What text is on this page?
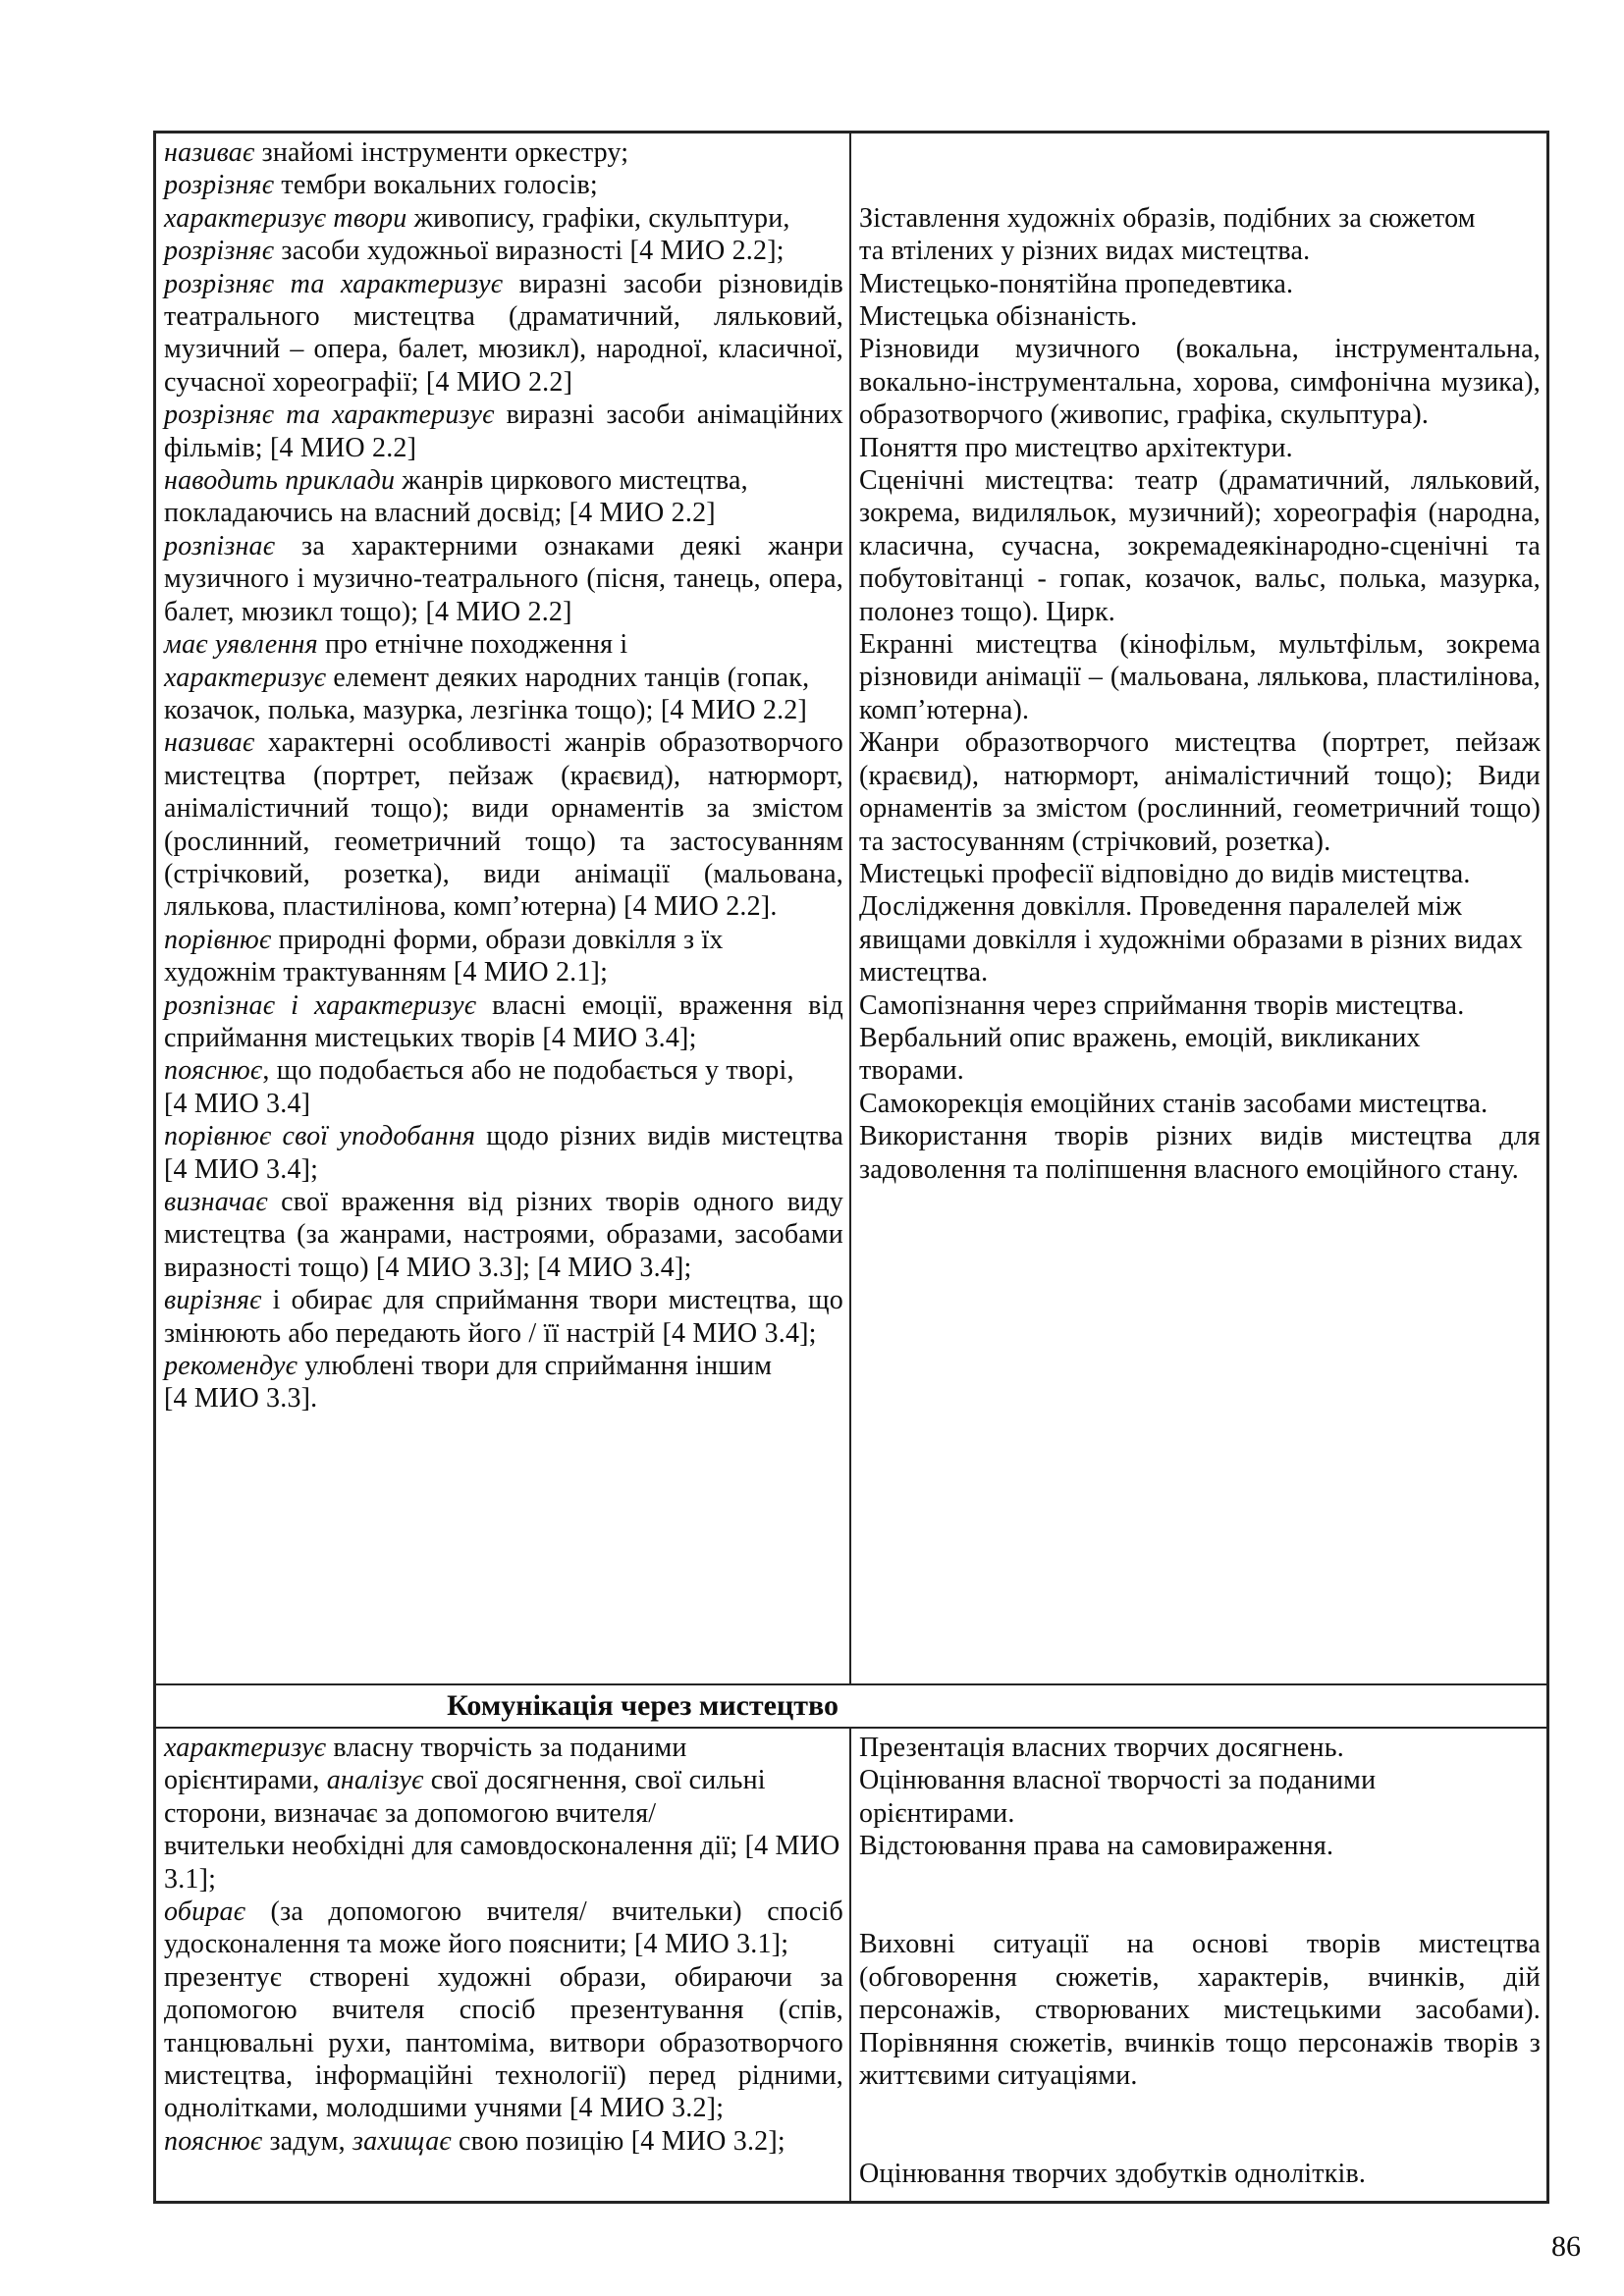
називає знайомі інструменти оркестру;

розрізняє тембри вокальних голосів;

характеризує твори живопису, графіки, скульптури, розрізняє засоби художньої виразності [4 МИО 2.2];

розрізняє та характеризує виразні засоби різновидів театрального мистецтва (драматичний, ляльковий, музичний – опера, балет, мюзикл), народної, класичної, сучасної хореографії; [4 МИО 2.2]

розрізняє та характеризує виразні засоби анімаційних фільмів; [4 МИО 2.2]

наводить приклади жанрів циркового мистецтва, покладаючись на власний досвід; [4 МИО 2.2]

розпізнає за характерними ознаками деякі жанри музичного і музично-театрального (пісня, танець, опера, балет, мюзикл тощо); [4 МИО 2.2]

має уявлення про етнічне походження і
характеризує елемент деяких народних танців (гопак, козачок, полька, мазурка, лезгінка тощо); [4 МИО 2.2]

називає характерні особливості жанрів образотворчого мистецтва (портрет, пейзаж (краєвид), натюрморт, анімалістичний тощо); види орнаментів за змістом (рослинний, геометричний тощо) та застосуванням (стрічковий, розетка), види анімації (мальована, лялькова, пластилінова, комп’ютерна) [4 МИО 2.2].

порівнює природні форми, образи довкілля з їх
художнім трактуванням [4 МИО 2.1];

розпізнає і характеризує власні емоції, враження від сприймання мистецьких творів [4 МИО 3.4];

пояснює, що подобається або не подобається у творі,
[4 МИО 3.4]

порівнює свої уподобання щодо різних видів мистецтва [4 МИО 3.4];

визначає свої враження від різних творів одного виду мистецтва (за жанрами, настроями, образами, засобами виразності тощо) [4 МИО 3.3]; [4 МИО 3.4];

вирізняє і обирає для сприймання твори мистецтва, що змінюють або передають його / її настрій [4 МИО 3.4];

рекомендує улюблені твори для сприймання іншим
[4 МИО 3.3].

Зіставлення художніх образів, подібних за сюжетом
та втілених у різних видах мистецтва.

Мистецько-понятійна пропедевтика.

Мистецька обізнаність.

Різновиди музичного (вокальна, інструментальна, вокально-інструментальна, хорова, симфонічна музика), образотворчого (живопис, графіка, скульптура).

Поняття про мистецтво архітектури.

Сценічні мистецтва: театр (драматичний, ляльковий, зокрема, видиляльок, музичний); хореографія (народна, класична, сучасна, зокремадеякінародно-сценічні та побутовітанці - гопак, козачок, вальс, полька, мазурка, полонез тощо). Цирк.

Екранні мистецтва (кінофільм, мультфільм, зокрема різновиди анімації – (мальована, лялькова, пластилінова, комп’ютерна).

Жанри образотворчого мистецтва (портрет, пейзаж (краєвид), натюрморт, анімалістичний тощо); Види орнаментів за змістом (рослинний, геометричний тощо) та застосуванням (стрічковий, розетка).

Мистецькі професії відповідно до видів мистецтва.

Дослідження довкілля. Проведення паралелей між явищами довкілля і художніми образами в різних видах мистецтва.

Самопізнання через сприймання творів мистецтва.

Вербальний опис вражень, емоцій, викликаних
творами.

Самокорекція емоційних станів засобами мистецтва.

Використання творів різних видів мистецтва для задоволення та поліпшення власного емоційного стану.

Комунікація через мистецтво

характеризує власну творчість за поданими
орієнтирами, аналізує свої досягнення, свої сильні сторони, визначає за допомогою вчителя/
вчительки необхідні для самовдосконалення дії; [4 МИО 3.1];

обирає (за допомогою вчителя/ вчительки) спосіб удосконалення та може його пояснити; [4 МИО 3.1];

презентує створені художні образи, обираючи за допомогою вчителя спосіб презентування (спів, танцювальні рухи, пантоміма, витвори образотворчого мистецтва, інформаційні технології) перед рідними, однолітками, молодшими учнями [4 МИО 3.2];

пояснює задум, захищає свою позицію [4 МИО 3.2];

Презентація власних творчих досягнень.

Оцінювання власної творчості за поданими
орієнтирами.

Відстоювання права на самовираження.

Виховні ситуації на основі творів мистецтва (обговорення сюжетів, характерів, вчинків, дій персонажів, створюваних мистецькими засобами). Порівняння сюжетів, вчинків тощо персонажів творів з життєвими ситуаціями.

Оцінювання творчих здобутків однолітків.

86
